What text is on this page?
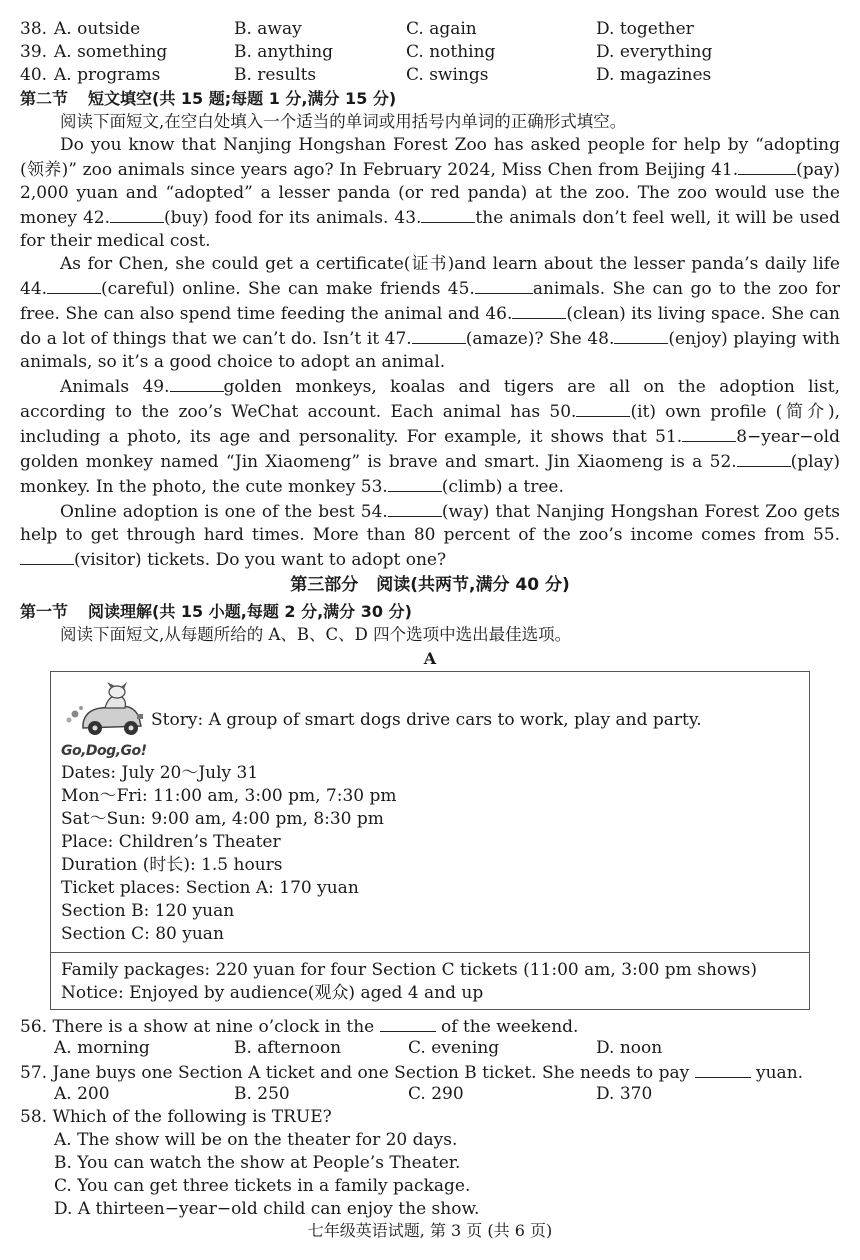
38. A. outside	B. away	C. again	D. together
39. A. something	B. anything	C. nothing	D. everything
40. A. programs	B. results	C. swings	D. magazines
第二节 短文填空(共 15 题;每题 1 分,满分 15 分)
阅读下面短文,在空白处填入一个适当的单词或用括号内单词的正确形式填空。

Do you know that Nanjing Hongshan Forest Zoo has asked people for help by “adopting (领养)” zoo animals since years ago? In February 2024, Miss Chen from Beijing 41.	(pay) 2,000 yuan and “adopted” a lesser panda (or red panda) at the zoo. The zoo would use the money 42.	(buy) food for its animals. 43.	the animals don’t feel well, it will be used for their medical cost.

As for Chen, she could get a certificate(证书)and learn about the lesser panda’s daily life 44.	(careful) online. She can make friends 45.	animals. She can go to the zoo for free. She can also spend time feeding the animal and 46.	(clean) its living space. She can do a lot of things that we can’t do. Isn’t it 47.	(amaze)? She 48.	(enjoy) playing with animals, so it’s a good choice to adopt an animal.

Animals 49.	golden monkeys, koalas and tigers are all on the adoption list, according to the zoo’s WeChat account. Each animal has 50.	(it) own profile (简介), including a photo, its age and personality. For example, it shows that 51.	8−year−old golden monkey named “Jin Xiaomeng” is brave and smart. Jin Xiaomeng is a 52.	(play) monkey. In the photo, the cute monkey 53.	(climb) a tree.

Online adoption is one of the best 54.	(way) that Nanjing Hongshan Forest Zoo gets help to get through hard times. More than 80 percent of the zoo’s income comes from 55.(visitor) tickets. Do you want to adopt one?

第三部分 阅读(共两节,满分 40 分)
第一节 阅读理解(共 15 小题,每题 2 分,满分 30 分)
阅读下面短文,从每题所给的 A、B、C、D 四个选项中选出最佳选项。
A
Story: A group of smart dogs drive cars to work, play and party.
Go,Dog,Go!
Dates: July 20〜July 31
Mon〜Fri: 11:00 am, 3:00 pm, 7:30 pm
Sat〜Sun: 9:00 am, 4:00 pm, 8:30 pm
Place: Children’s Theater
Duration (时长): 1.5 hours
Ticket places: Section A: 170 yuan
Section B: 120 yuan
Section C: 80 yuan
Family packages: 220 yuan for four Section C tickets (11:00 am, 3:00 pm shows)
Notice: Enjoyed by audience(观众) aged 4 and up
56. There is a show at nine o’clock in the	of the weekend.
A. morning	B. afternoon	C. evening	D. noon
57. Jane buys one Section A ticket and one Section B ticket. She needs to pay	yuan.
A. 200	B. 250	C. 290	D. 370
58. Which of the following is TRUE?
A. The show will be on the theater for 20 days.
B. You can watch the show at People’s Theater.
C. You can get three tickets in a family package.
D. A thirteen−year−old child can enjoy the show.
七年级英语试题, 第 3 页 (共 6 页)
